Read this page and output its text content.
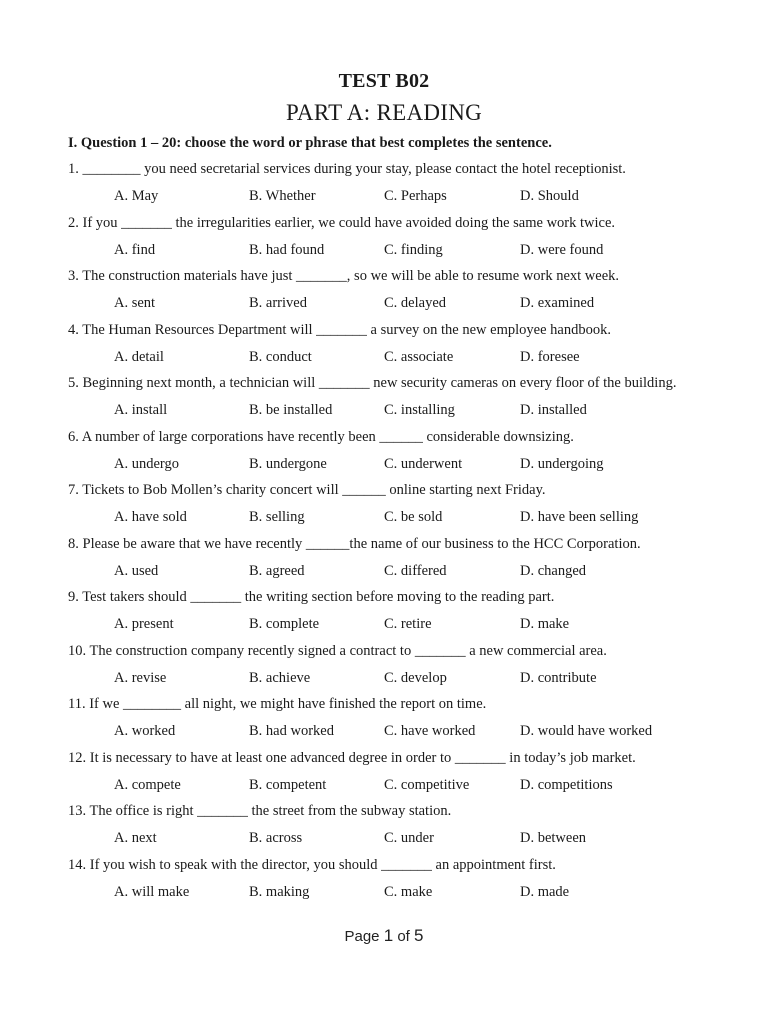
TEST B02
PART A: READING
I. Question 1 – 20: choose the word or phrase that best completes the sentence.
1. ________ you need secretarial services during your stay, please contact the hotel receptionist.
A. May	B. Whether	C. Perhaps	D. Should
2. If you _______ the irregularities earlier, we could have avoided doing the same work twice.
A. find	B. had found	C. finding	D. were found
3. The construction materials have just _______, so we will be able to resume work next week.
A. sent	B. arrived	C. delayed	D. examined
4. The Human Resources Department will _______ a survey on the new employee handbook.
A. detail	B. conduct	C. associate	D. foresee
5. Beginning next month, a technician will _______ new security cameras on every floor of the building.
A. install	B. be installed	C. installing	D. installed
6. A number of large corporations have recently been ______ considerable downsizing.
A. undergo	B. undergone	C. underwent	D. undergoing
7. Tickets to Bob Mollen’s charity concert will ______ online starting next Friday.
A. have sold	B. selling	C. be sold	D. have been selling
8. Please be aware that we have recently ______the name of our business to the HCC Corporation.
A. used	B. agreed	C. differed	D. changed
9. Test takers should _______ the writing section before moving to the reading part.
A. present	B. complete	C. retire	D. make
10. The construction company recently signed a contract to _______ a new commercial area.
A. revise	B. achieve	C. develop	D. contribute
11. If we ________ all night, we might have finished the report on time.
A. worked	B. had worked	C. have worked	D. would have worked
12. It is necessary to have at least one advanced degree in order to _______ in today’s job market.
A. compete	B. competent	C. competitive	D. competitions
13. The office is right _______ the street from the subway station.
A. next	B. across	C. under	D. between
14. If you wish to speak with the director, you should _______ an appointment first.
A. will make	B. making	C. make	D. made
Page 1 of 5
